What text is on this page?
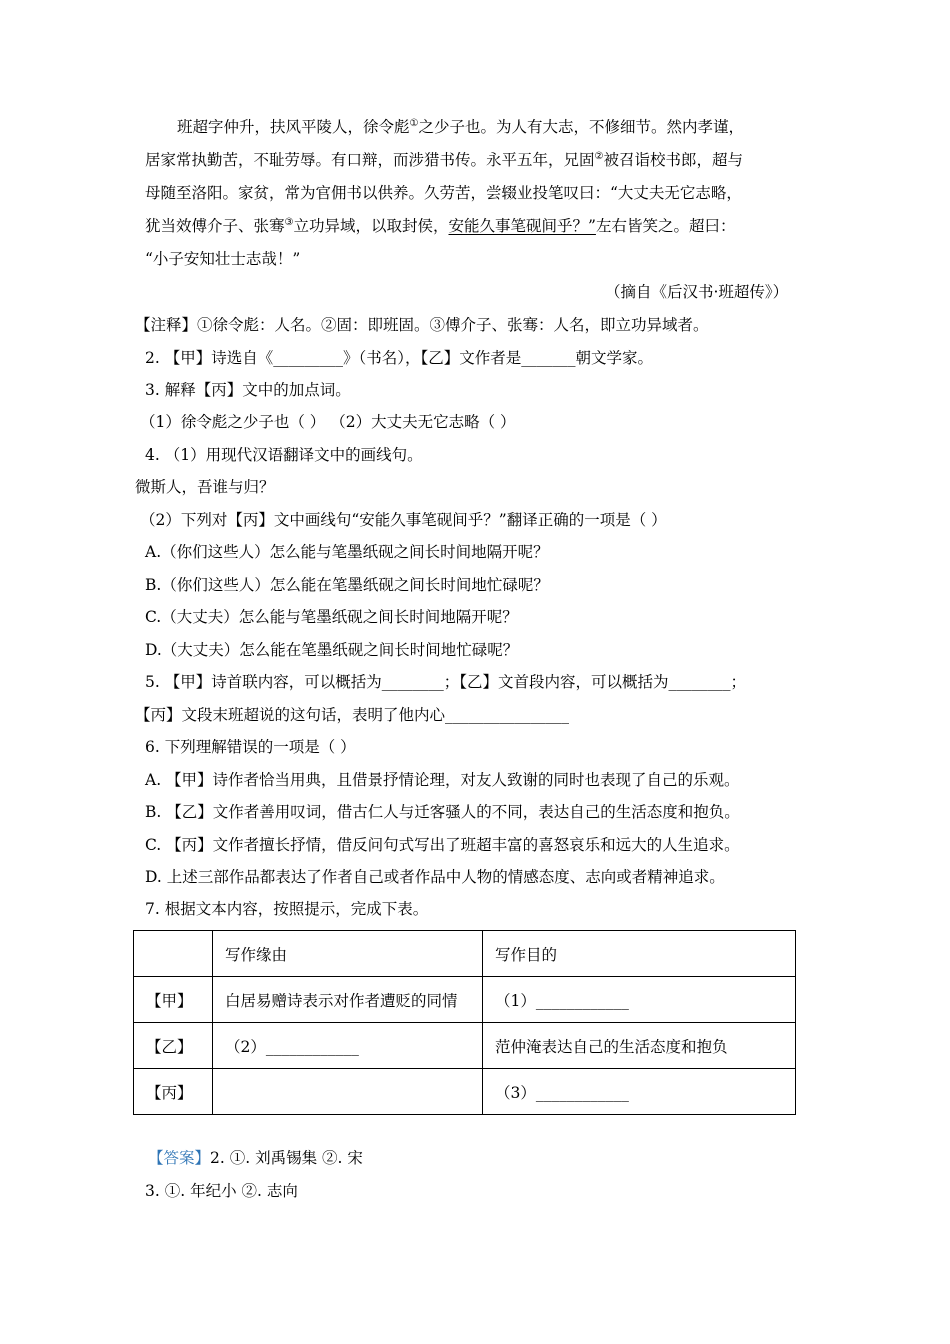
班超字仲升，扶风平陵人，徐令彪①之少子也。为人有大志，不修细节。然内孝谨，
居家常执勤苦，不耻劳辱。有口辩，而涉猎书传。永平五年，兄固②被召诣校书郎，超与
母随至洛阳。家贫，常为官佣书以供养。久劳苦，尝辍业投笔叹曰：“大丈夫无它志略，
犹当效傅介子、张骞③立功异域，以取封侯，安能久事笔砚间乎？”左右皆笑之。超曰：
“小子安知壮士志哉！”
（摘自《后汉书·班超传》）
【注释】①徐令彪：人名。②固：即班固。③傅介子、张骞：人名，即立功异域者。
2. 【甲】诗选自《_________》（书名），【乙】文作者是_______朝文学家。
3. 解释【丙】文中的加点词。
（1）徐令彪之少子也（ ） （2）大丈夫无它志略（ ）
4. （1）用现代汉语翻译文中的画线句。
微斯人，吾谁与归？
（2）下列对【丙】文中画线句“安能久事笔砚间乎？”翻译正确的一项是（ ）
A.（你们这些人）怎么能与笔墨纸砚之间长时间地隔开呢？
B.（你们这些人）怎么能在笔墨纸砚之间长时间地忙碌呢？
C.（大丈夫）怎么能与笔墨纸砚之间长时间地隔开呢？
D.（大丈夫）怎么能在笔墨纸砚之间长时间地忙碌呢？
5. 【甲】诗首联内容，可以概括为________；【乙】文首段内容，可以概括为________；
【丙】文段末班超说的这句话，表明了他内心________________
6. 下列理解错误的一项是（ ）
A. 【甲】诗作者恰当用典，且借景抒情论理，对友人致谢的同时也表现了自己的乐观。
B. 【乙】文作者善用叹词，借古仁人与迁客骚人的不同，表达自己的生活态度和抱负。
C. 【丙】文作者擅长抒情，借反问句式写出了班超丰富的喜怒哀乐和远大的人生追求。
D. 上述三部作品都表达了作者自己或者作品中人物的情感态度、志向或者精神追求。
7. 根据文本内容，按照提示，完成下表。
	写作缘由	写作目的
【甲】	白居易赠诗表示对作者遭贬的同情	（1）____________
【乙】	（2）____________	范仲淹表达自己的生活态度和抱负
【丙】		（3）____________
【答案】2. ①. 刘禹锡集 ②. 宋
3. ①. 年纪小 ②. 志向
